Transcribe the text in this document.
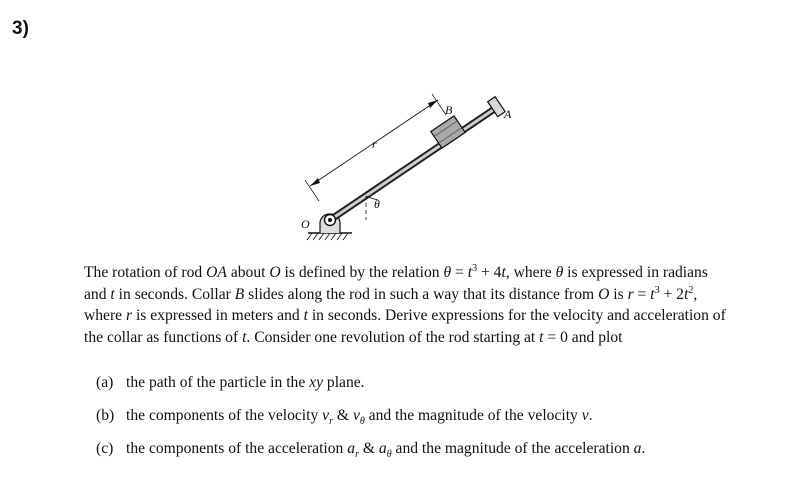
3)
B	A
r
θ
O

The rotation of rod OA about O is defined by the relation $\theta = t^3 + 4t$, where θ is expressed in radians and t in seconds. Collar B slides along the rod in such a way that its distance from O is $r = t^3 + 2t^2$, where r is expressed in meters and t in seconds. Derive expressions for the velocity and acceleration of the collar as functions of t. Consider one revolution of the rod starting at t = 0 and plot

(a) the path of the particle in the xy plane.
(b) the components of the velocity $v_r$ & $v_\theta$ and the magnitude of the velocity v.
(c) the components of the acceleration $a_r$ & $a_\theta$ and the magnitude of the acceleration a.
